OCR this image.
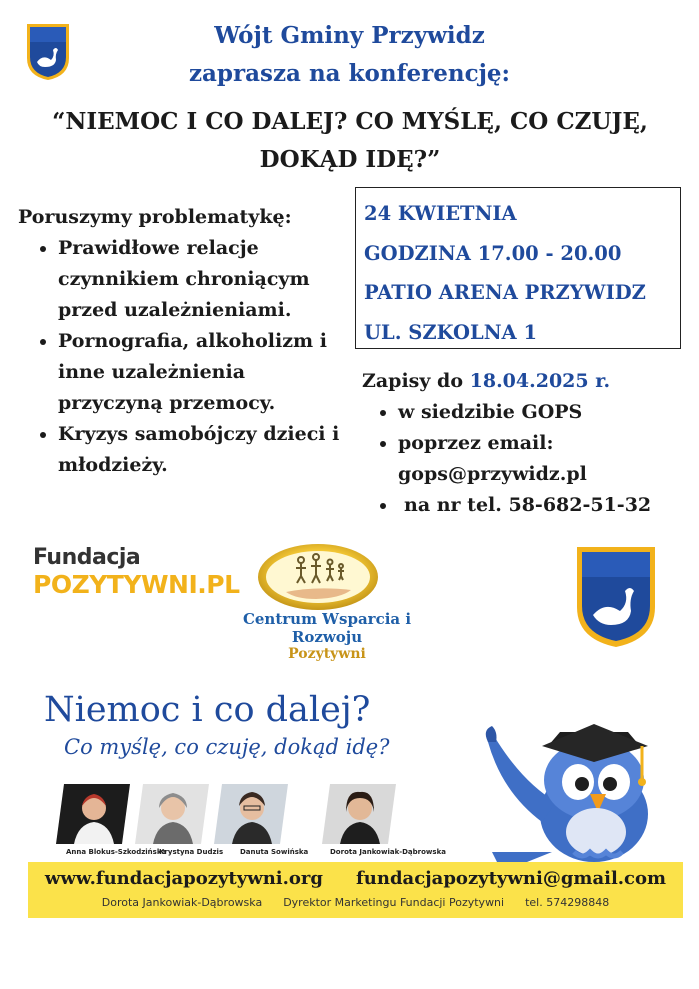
Wójt Gminy Przywidz
zaprasza na konferencję:
“NIEMOC I CO DALEJ? CO MYŚLĘ, CO CZUJĘ,
DOKĄD IDĘ?”
Poruszymy problematykę:
• Prawidłowe relacje czynnikiem chroniącym przed uzależnieniami.
• Pornografia, alkoholizm i inne uzależnienia przyczyną przemocy.
• Kryzys samobójczy dzieci i młodzieży.
24 KWIETNIA
GODZINA 17.00 - 20.00
PATIO ARENA PRZYWIDZ
UL. SZKOLNA 1
Zapisy do 18.04.2025 r.
• w siedzibie GOPS
• poprzez email:
gops@przywidz.pl
• na nr tel. 58-682-51-32
Fundacja
POZYTYWNI.PL
Centrum Wsparcia i Rozwoju
Pozytywni
Niemoc i co dalej?
Co myślę, co czuję, dokąd idę?
Anna Blokus-Szkodzińska
Krystyna Dudzis Danuta Sowińska	Dorota Jankowiak-Dąbrowska
www.fundacjapozytywni.org fundacjapozytywni@gmail.com
Dorota Jankowiak-Dąbrowska Dyrektor Marketingu Fundacji Pozytywni tel. 574298848
